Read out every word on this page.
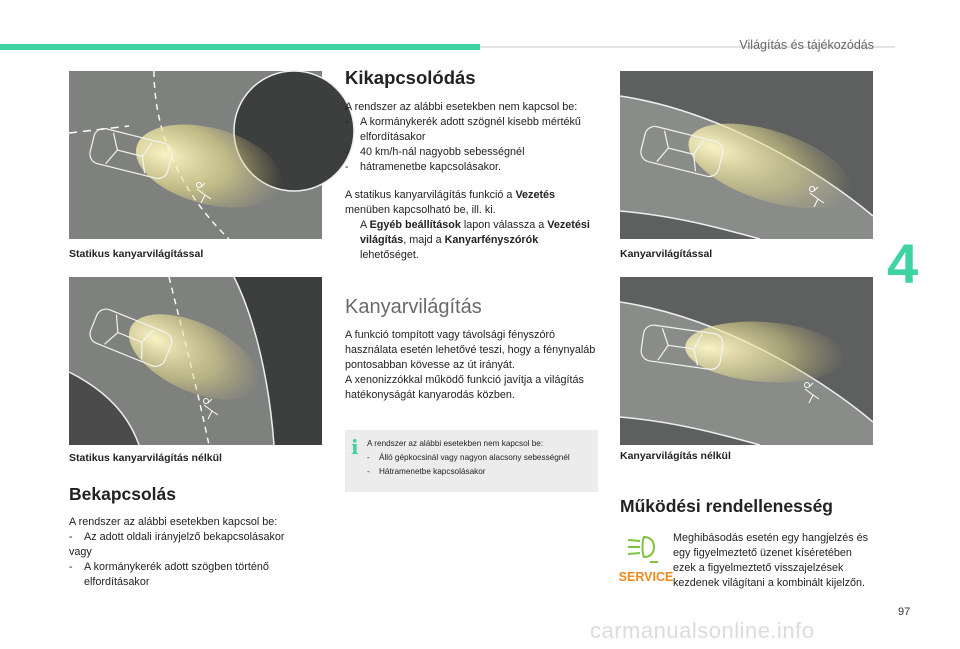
Világítás és tájékozódás
4
97
carmanualsonline.info
Statikus kanyarvilágítással
Statikus kanyarvilágítás nélkül
Bekapcsolás

A rendszer az alábbi esetekben kapcsol be:

-	Az adott oldali irányjelző bekapcsolásakor

vagy

-	A kormánykerék adott szögben történő elfordításakor
Kikapcsolódás

A rendszer az alábbi esetekben nem kapcsol be:

-	A kormánykerék adott szögnél kisebb mértékű elfordításakor
-	40 km/h-nál nagyobb sebességnél
-	hátramenetbe kapcsolásakor.

A statikus kanyarvilágítás funkció a Vezetés menüben kapcsolható be, ill. ki.

A Egyéb beállítások lapon válassza a Vezetési világítás, majd a Kanyarfényszórók lehetőséget.
Kanyarvilágítás

A funkció tompított vagy távolsági fényszóró használata esetén lehetővé teszi, hogy a fénynyaláb pontosabban kövesse az út irányát.

A xenonizzókkal működő funkció javítja a világítás hatékonyságát kanyarodás közben.

i A rendszer az alábbi esetekben nem kapcsol be:
-	Álló gépkocsinál vagy nagyon alacsony sebességnél
-	Hátramenetbe kapcsolásakor
Kanyarvilágítással
Kanyarvilágítás nélkül
Működési rendellenesség
SERVICE
Meghibásodás esetén egy hangjelzés és egy figyelmeztető üzenet kíséretében ezek a figyelmeztető visszajelzések kezdenek világítani a kombinált kijelzőn.
